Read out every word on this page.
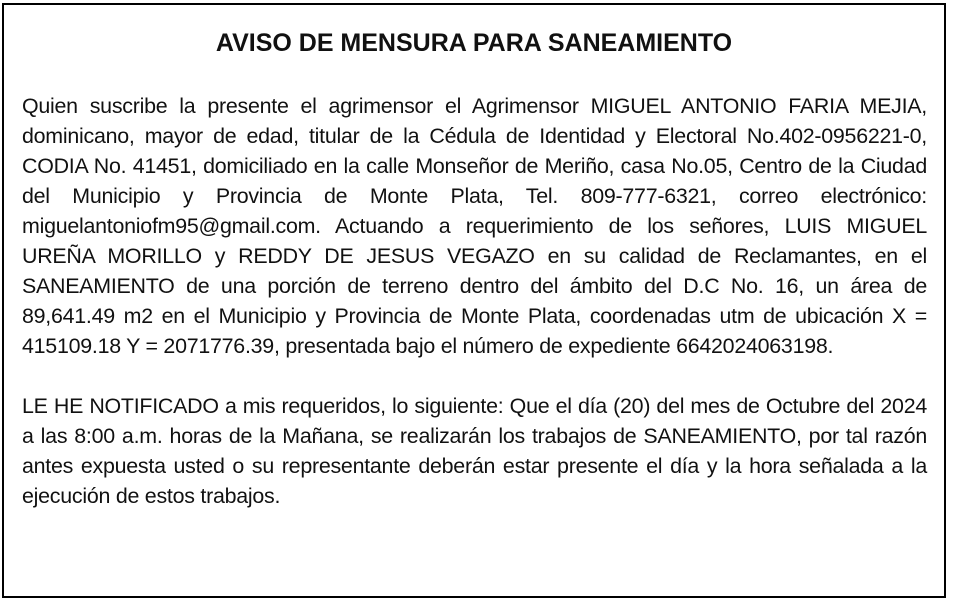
AVISO DE MENSURA PARA SANEAMIENTO

Quien suscribe la presente el agrimensor el Agrimensor MIGUEL ANTONIO FARIA MEJIA, dominicano, mayor de edad, titular de la Cédula de Identidad y Electoral No.402-0956221-0, CODIA No. 41451, domiciliado en la calle Monseñor de Meriño, casa No.05, Centro de la Ciudad del Municipio y Provincia de Monte Plata, Tel. 809-777-6321, correo electrónico: miguelantoniofm95@gmail.com. Actuando a requerimiento de los señores, LUIS MIGUEL UREÑA MORILLO y REDDY DE JESUS VEGAZO en su calidad de Reclamantes, en el SANEAMIENTO de una porción de terreno dentro del ámbito del D.C No. 16, un área de 89,641.49 m2 en el Municipio y Provincia de Monte Plata, coordenadas utm de ubicación X = 415109.18 Y = 2071776.39, presentada bajo el número de expediente 6642024063198.

LE HE NOTIFICADO a mis requeridos, lo siguiente: Que el día (20) del mes de Octubre del 2024 a las 8:00 a.m. horas de la Mañana, se realizarán los trabajos de SANEAMIENTO, por tal razón antes expuesta usted o su representante deberán estar presente el día y la hora señalada a la ejecución de estos trabajos.
